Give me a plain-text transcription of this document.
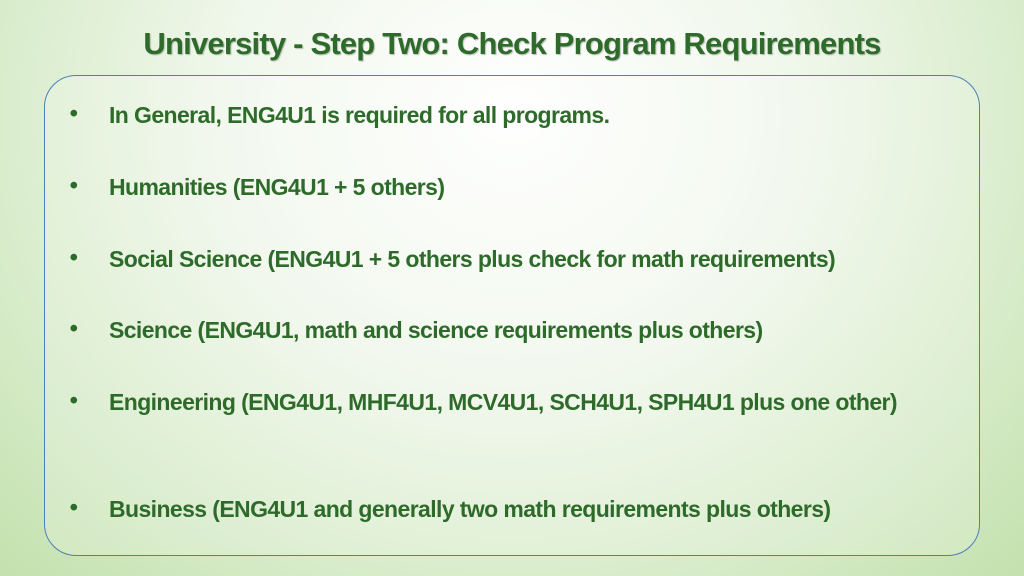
University - Step Two: Check Program Requirements
• In General, ENG4U1 is required for all programs.
• Humanities (ENG4U1 + 5 others)
• Social Science (ENG4U1 + 5 others plus check for math requirements)
• Science (ENG4U1, math and science requirements plus others)
• Engineering (ENG4U1, MHF4U1, MCV4U1, SCH4U1, SPH4U1 plus one other)
• Business (ENG4U1 and generally two math requirements plus others)
